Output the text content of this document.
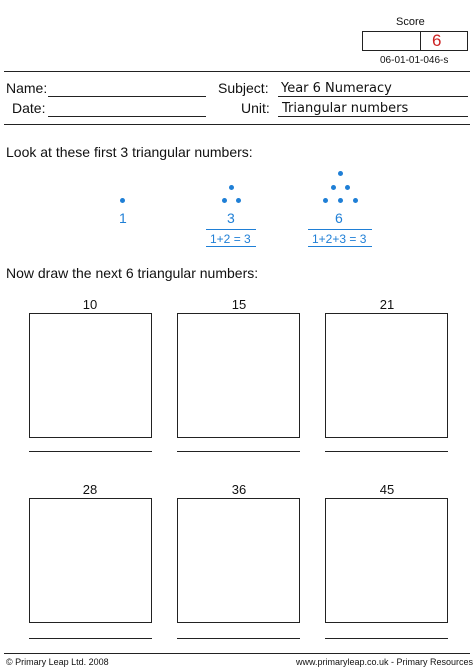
Score
6
06-01-01-046-s
Name:
Date:
Subject: Year 6 Numeracy
Unit: Triangular numbers
Look at these first 3 triangular numbers:
1	3
1+2 = 3
6
1+2+3 = 3
Now draw the next 6 triangular numbers:
10	15	21
28	36	45
© Primary Leap Ltd. 2008	www.primaryleap.co.uk - Primary Resources
